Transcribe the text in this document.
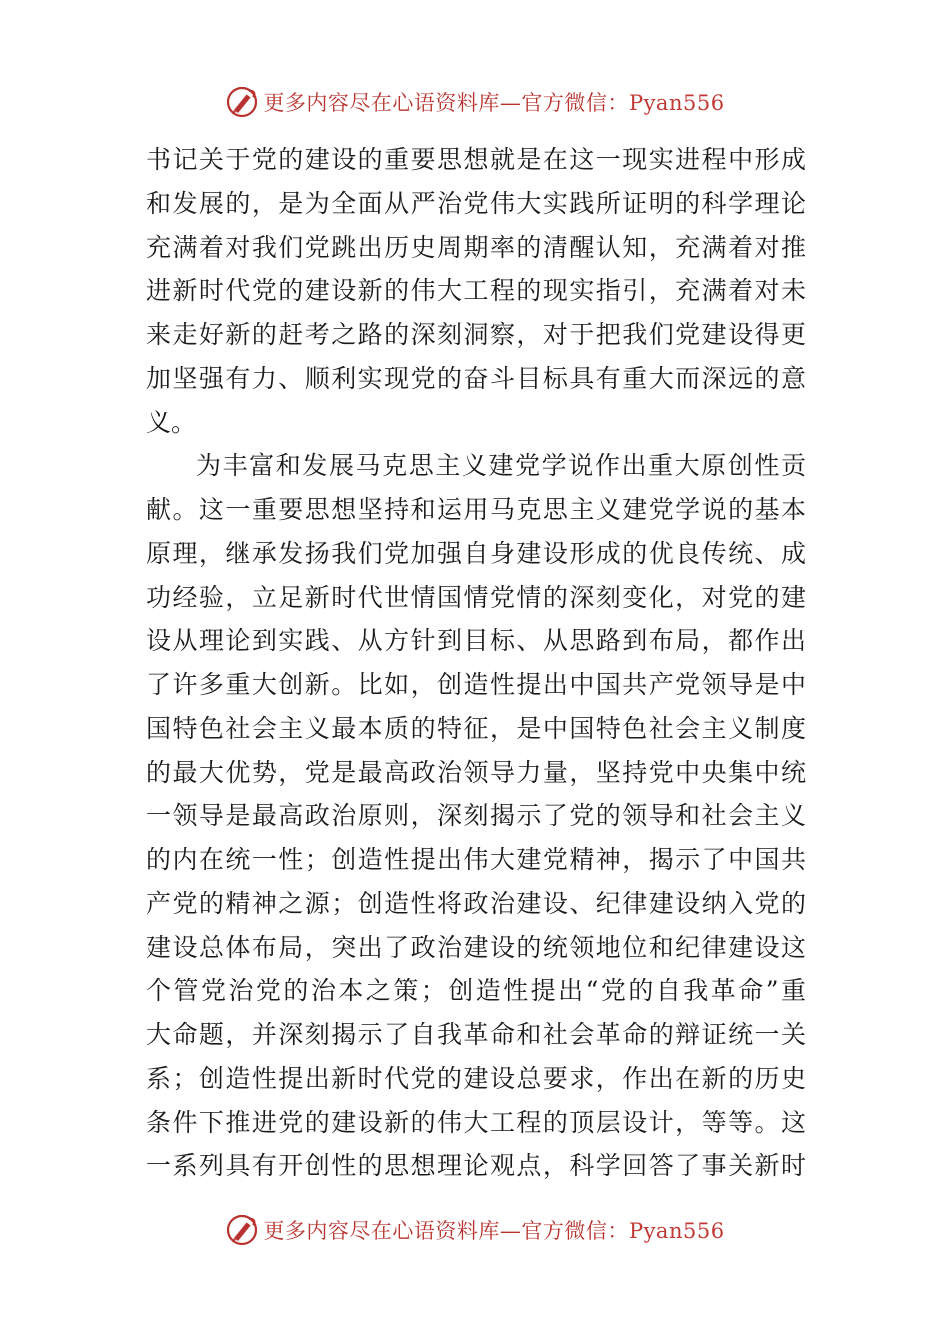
更多内容尽在心语资料库—官方微信：Pyan556
书记关于党的建设的重要思想就是在这一现实进程中形成
和发展的，是为全面从严治党伟大实践所证明的科学理论
充满着对我们党跳出历史周期率的清醒认知，充满着对推
进新时代党的建设新的伟大工程的现实指引，充满着对未
来走好新的赶考之路的深刻洞察，对于把我们党建设得更
加坚强有力、顺利实现党的奋斗目标具有重大而深远的意
义。
为丰富和发展马克思主义建党学说作出重大原创性贡
献。这一重要思想坚持和运用马克思主义建党学说的基本
原理，继承发扬我们党加强自身建设形成的优良传统、成
功经验，立足新时代世情国情党情的深刻变化，对党的建
设从理论到实践、从方针到目标、从思路到布局，都作出
了许多重大创新。比如，创造性提出中国共产党领导是中
国特色社会主义最本质的特征，是中国特色社会主义制度
的最大优势，党是最高政治领导力量，坚持党中央集中统
一领导是最高政治原则，深刻揭示了党的领导和社会主义
的内在统一性；创造性提出伟大建党精神，揭示了中国共
产党的精神之源；创造性将政治建设、纪律建设纳入党的
建设总体布局，突出了政治建设的统领地位和纪律建设这
个管党治党的治本之策；创造性提出“党的自我革命”重
大命题，并深刻揭示了自我革命和社会革命的辩证统一关
系；创造性提出新时代党的建设总要求，作出在新的历史
条件下推进党的建设新的伟大工程的顶层设计，等等。这
一系列具有开创性的思想理论观点，科学回答了事关新时
更多内容尽在心语资料库—官方微信：Pyan556
